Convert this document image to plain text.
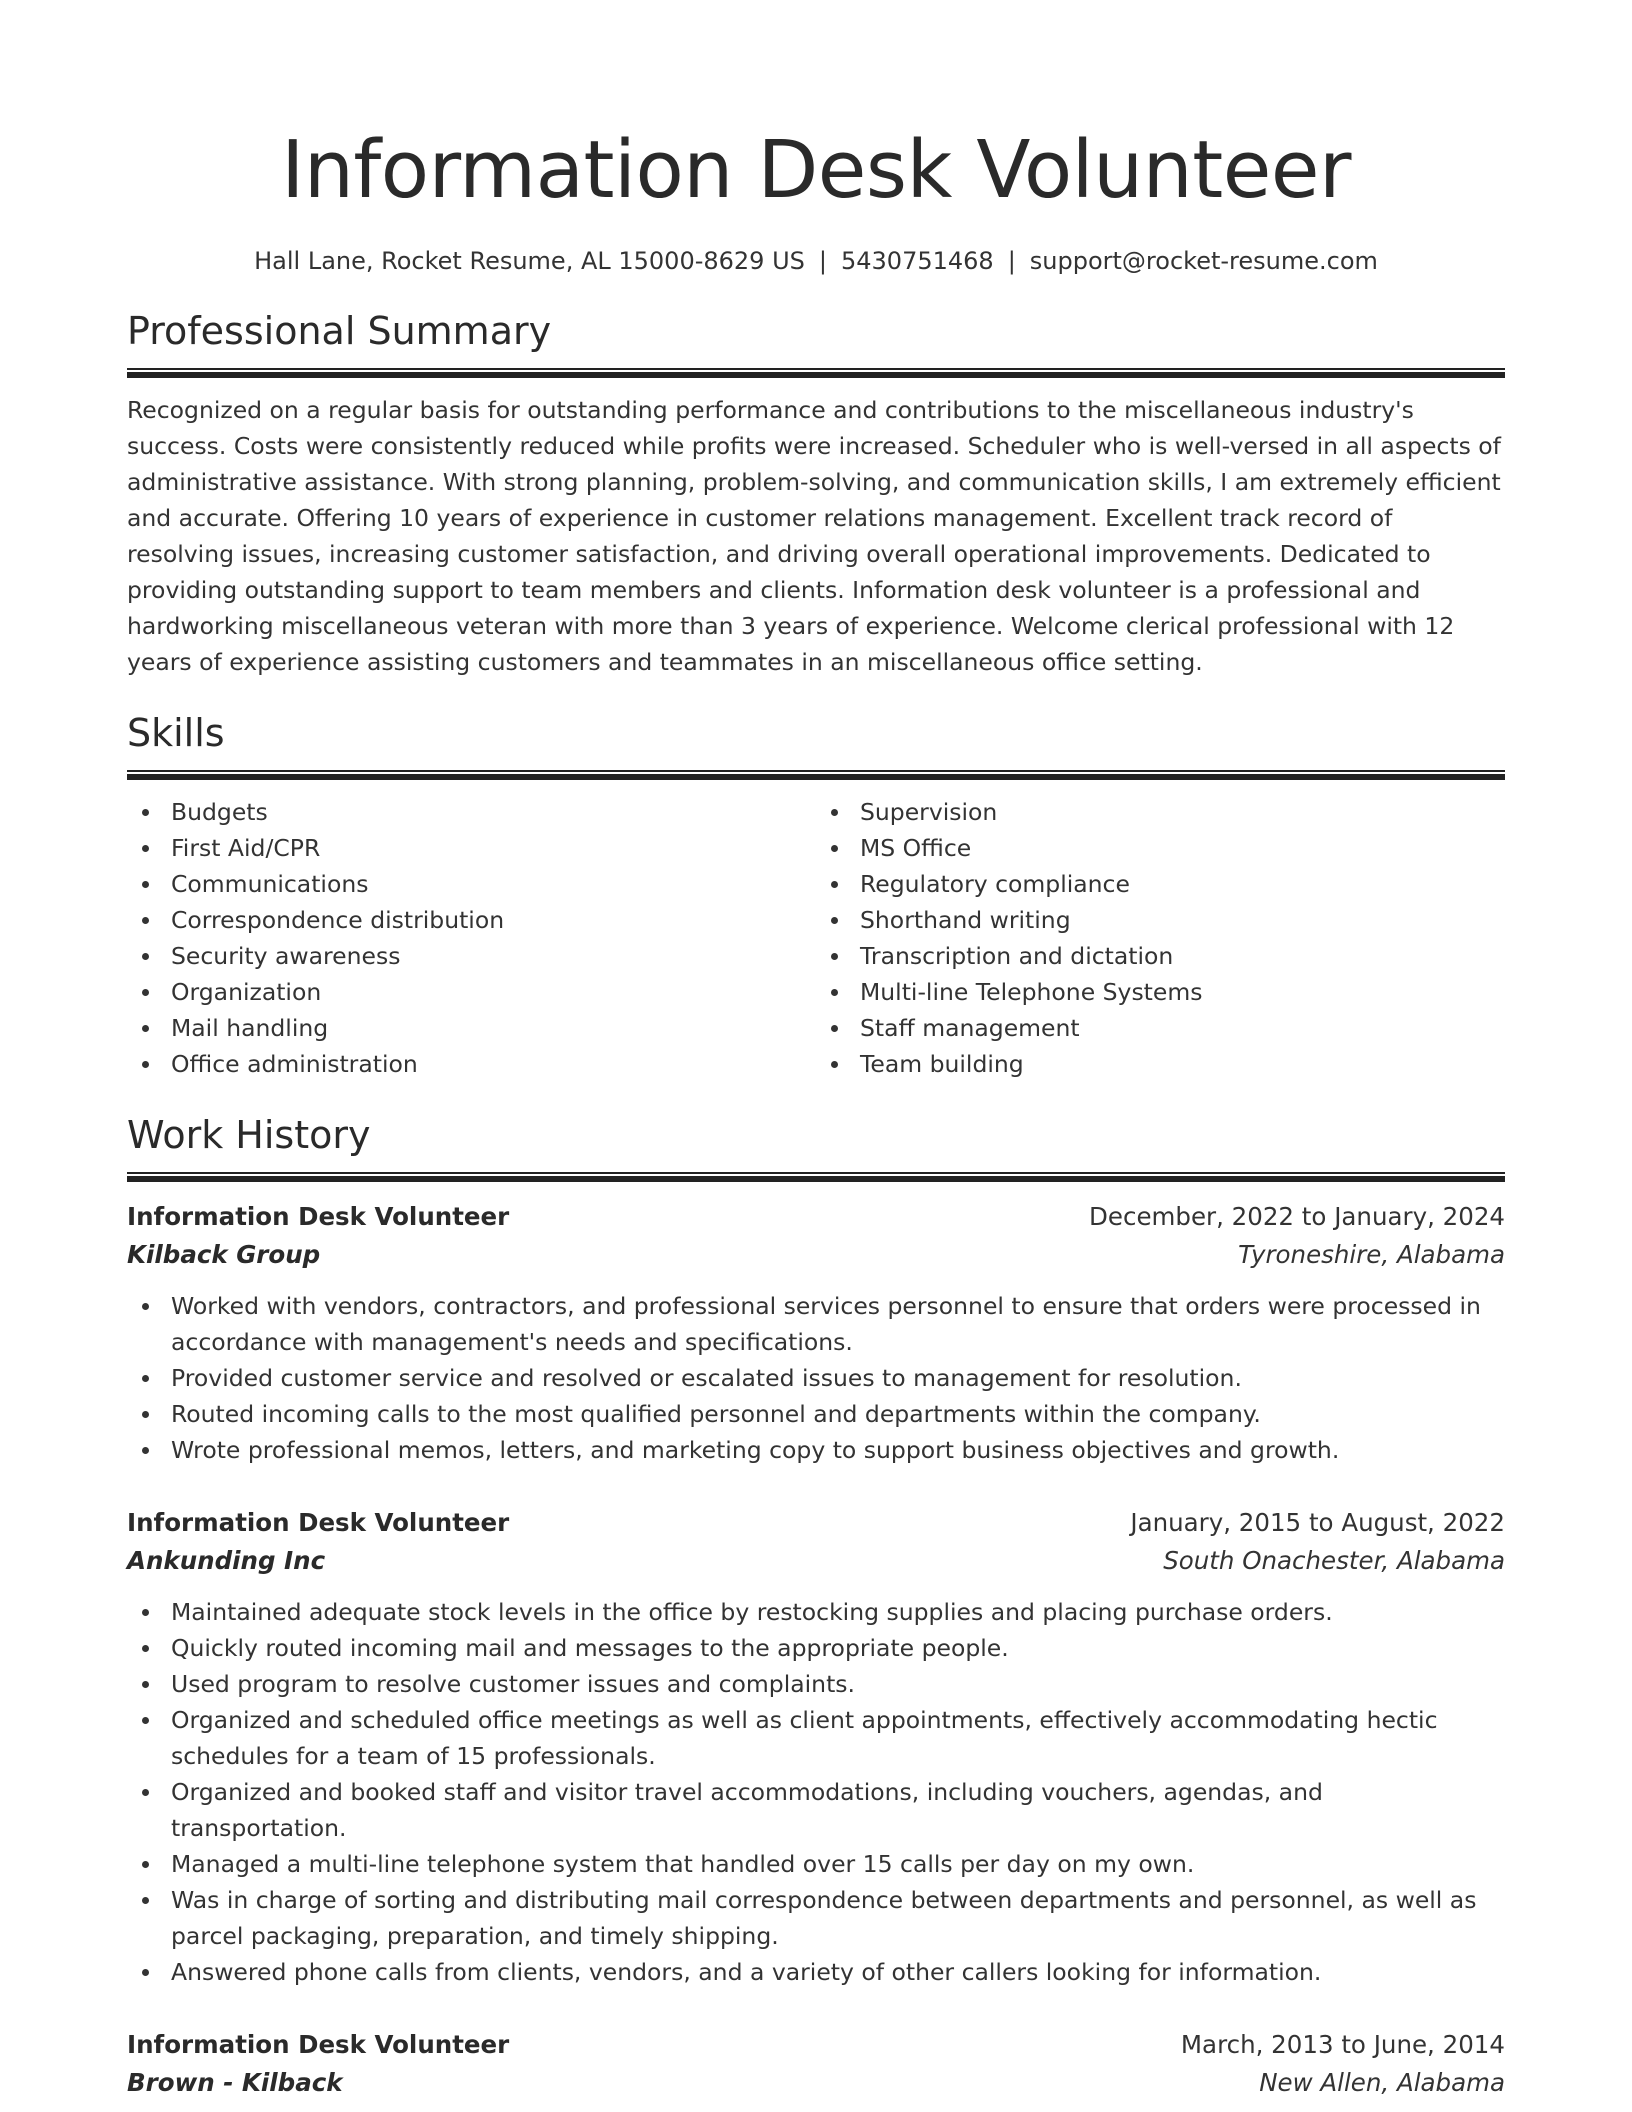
Information Desk Volunteer
Hall Lane, Rocket Resume, AL 15000-8629 US | 5430751468 | support@rocket-resume.com
Professional Summary

Recognized on a regular basis for outstanding performance and contributions to the miscellaneous industry's success. Costs were consistently reduced while profits were increased. Scheduler who is well-versed in all aspects of administrative assistance. With strong planning, problem-solving, and communication skills, I am extremely efficient and accurate. Offering 10 years of experience in customer relations management. Excellent track record of resolving issues, increasing customer satisfaction, and driving overall operational improvements. Dedicated to providing outstanding support to team members and clients. Information desk volunteer is a professional and hardworking miscellaneous veteran with more than 3 years of experience. Welcome clerical professional with 12 years of experience assisting customers and teammates in an miscellaneous office setting.

Skills
Budgets
First Aid/CPR
Communications
Correspondence distribution
Security awareness
Organization
Mail handling
Office administration
Supervision
MS Office
Regulatory compliance
Shorthand writing
Transcription and dictation
Multi-line Telephone Systems
Staff management
Team building
Work History
Information Desk Volunteer	December, 2022 to January, 2024
Kilback Group	Tyroneshire, Alabama
Worked with vendors, contractors, and professional services personnel to ensure that orders were processed in accordance with management's needs and specifications.
Provided customer service and resolved or escalated issues to management for resolution.
Routed incoming calls to the most qualified personnel and departments within the company.
Wrote professional memos, letters, and marketing copy to support business objectives and growth.
Information Desk Volunteer	January, 2015 to August, 2022
Ankunding Inc	South Onachester, Alabama
Maintained adequate stock levels in the office by restocking supplies and placing purchase orders.
Quickly routed incoming mail and messages to the appropriate people.
Used program to resolve customer issues and complaints.
Organized and scheduled office meetings as well as client appointments, effectively accommodating hectic schedules for a team of 15 professionals.
Organized and booked staff and visitor travel accommodations, including vouchers, agendas, and transportation.
Managed a multi-line telephone system that handled over 15 calls per day on my own.
Was in charge of sorting and distributing mail correspondence between departments and personnel, as well as parcel packaging, preparation, and timely shipping.
Answered phone calls from clients, vendors, and a variety of other callers looking for information.
Information Desk Volunteer	March, 2013 to June, 2014
Brown - Kilback	New Allen, Alabama
